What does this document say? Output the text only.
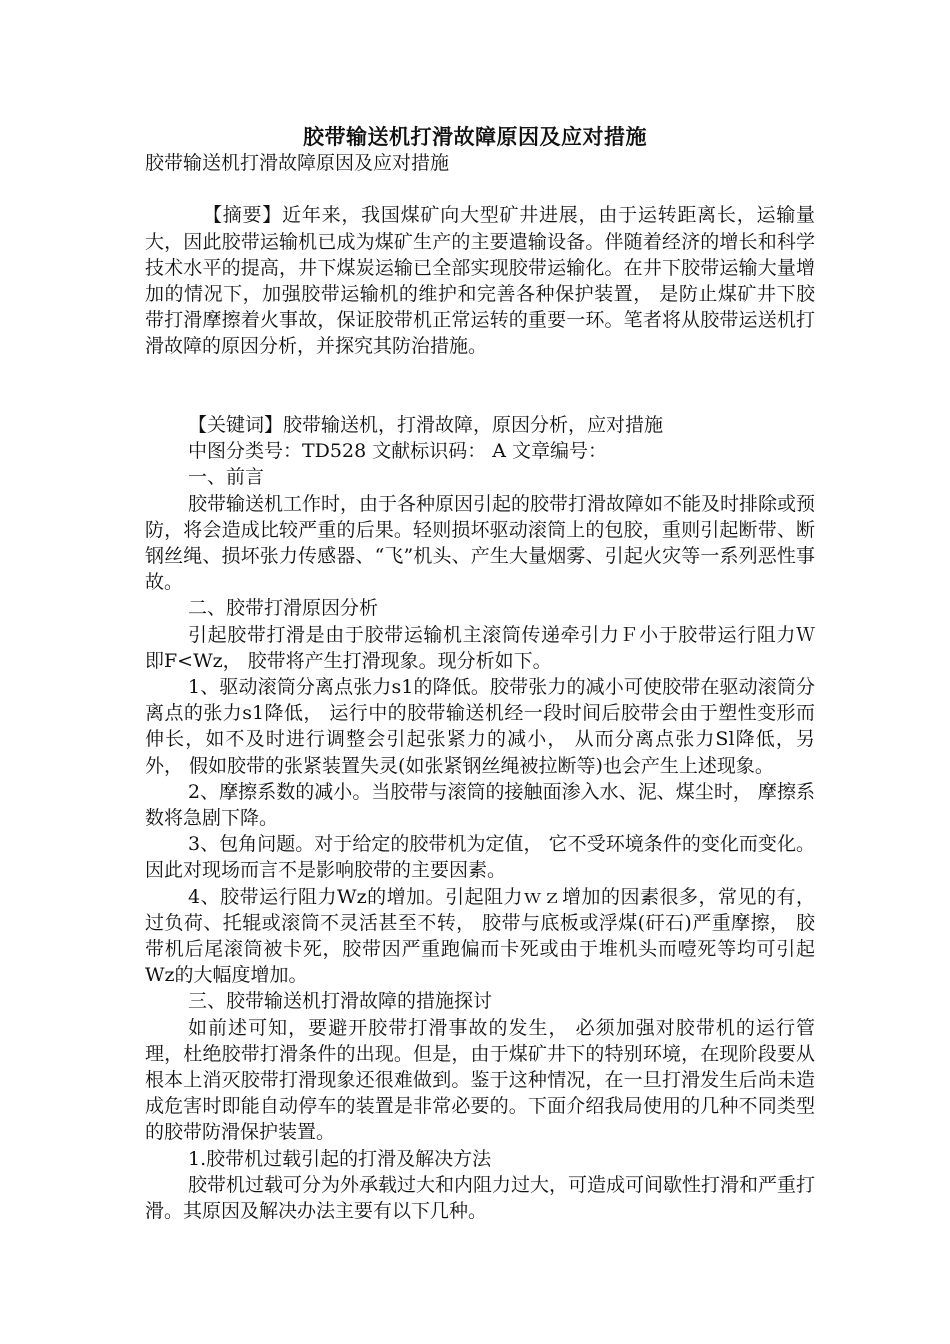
胶带输送机打滑故障原因及应对措施

胶带输送机打滑故障原因及应对措施

【摘要】近年来，我国煤矿向大型矿井进展，由于运转距离长，运输量大，因此胶带运输机已成为煤矿生产的主要遣输设备。伴随着经济的增长和科学技术水平的提高，井下煤炭运输已全部实现胶带运输化。在井下胶带运输大量增加的情况下，加强胶带运输机的维护和完善各种保护装置， 是防止煤矿井下胶带打滑摩擦着火事故，保证胶带机正常运转的重要一环。笔者将从胶带运送机打滑故障的原因分析，并探究其防治措施。

【关键词】胶带输送机，打滑故障，原因分析，应对措施

中图分类号：TD528 文献标识码： A 文章编号：

一、前言

胶带输送机工作时，由于各种原因引起的胶带打滑故障如不能及时排除或预防，将会造成比较严重的后果。轻则损坏驱动滚筒上的包胶，重则引起断带、断钢丝绳、损坏张力传感器、“飞”机头、产生大量烟雾、引起火灾等一系列恶性事故。

二、胶带打滑原因分析

引起胶带打滑是由于胶带运输机主滚筒传递牵引力Ｆ小于胶带运行阻力Ｗ 即F<Wz， 胶带将产生打滑现象。现分析如下。

1、驱动滚筒分离点张力s1的降低。胶带张力的减小可使胶带在驱动滚筒分离点的张力s1降低， 运行中的胶带输送机经一段时间后胶带会由于塑性变形而伸长，如不及时进行调整会引起张紧力的减小， 从而分离点张力Sl降低，另外， 假如胶带的张紧装置失灵(如张紧钢丝绳被拉断等)也会产生上述现象。

2、摩擦系数的减小。当胶带与滚筒的接触面渗入水、泥、煤尘时， 摩擦系数将急剧下降。

3、包角问题。对于给定的胶带机为定值， 它不受环境条件的变化而变化。因此对现场而言不是影响胶带的主要因素。

4、胶带运行阻力Wz的增加。引起阻力ｗｚ增加的因素很多，常见的有， 过负荷、托辊或滚筒不灵活甚至不转， 胶带与底板或浮煤(矸石)严重摩擦， 胶带机后尾滚筒被卡死，胶带因严重跑偏而卡死或由于堆机头而噎死等均可引起Wz的大幅度增加。

三、胶带输送机打滑故障的措施探讨

如前述可知，要避开胶带打滑事故的发生， 必须加强对胶带机的运行管理，杜绝胶带打滑条件的出现。但是，由于煤矿井下的特别环境，在现阶段要从根本上消灭胶带打滑现象还很难做到。鉴于这种情况，在一旦打滑发生后尚未造成危害时即能自动停车的装置是非常必要的。下面介绍我局使用的几种不同类型的胶带防滑保护装置。

1.胶带机过载引起的打滑及解决方法

胶带机过载可分为外承载过大和内阻力过大，可造成可间歇性打滑和严重打滑。其原因及解决办法主要有以下几种。
